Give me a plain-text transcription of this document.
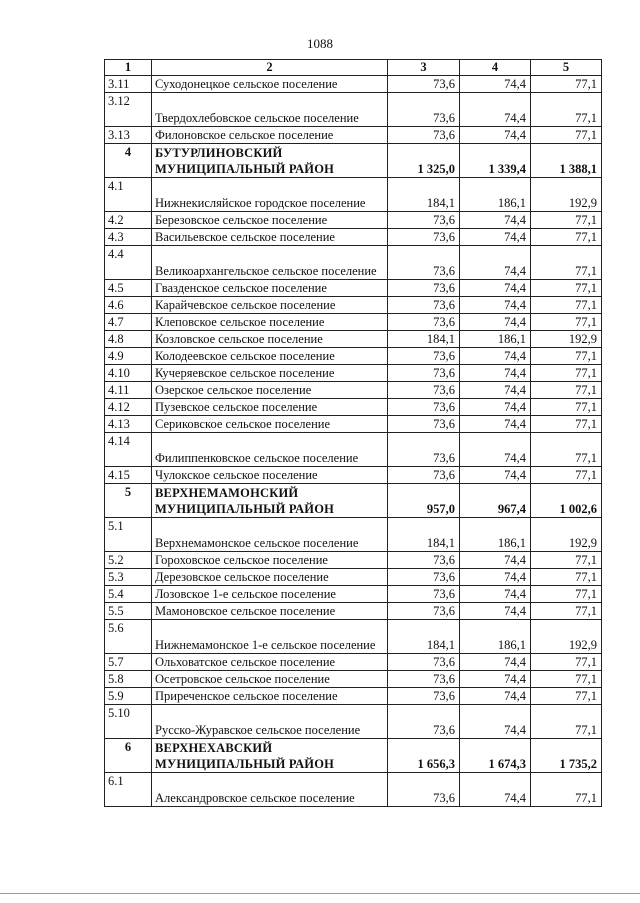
1088
1	2	3	4	5
3.11	Суходонецкое сельское поселение	73,6	74,4	77,1
3.12	Твердохлебовское сельское поселение	73,6	74,4	77,1
3.13	Филоновское сельское поселение	73,6	74,4	77,1
4	БУТУРЛИНОВСКИЙ МУНИЦИПАЛЬНЫЙ РАЙОН	1 325,0	1 339,4	1 388,1
4.1	Нижнекисляйское городское поселение	184,1	186,1	192,9
4.2	Березовское сельское поселение	73,6	74,4	77,1
4.3	Васильевское сельское поселение	73,6	74,4	77,1
4.4	Великоархангельское сельское поселение	73,6	74,4	77,1
4.5	Гвазденское сельское поселение	73,6	74,4	77,1
4.6	Карайчевское сельское поселение	73,6	74,4	77,1
4.7	Клеповское сельское поселение	73,6	74,4	77,1
4.8	Козловское сельское поселение	184,1	186,1	192,9
4.9	Колодеевское сельское поселение	73,6	74,4	77,1
4.10	Кучеряевское сельское поселение	73,6	74,4	77,1
4.11	Озерское сельское поселение	73,6	74,4	77,1
4.12	Пузевское сельское поселение	73,6	74,4	77,1
4.13	Сериковское сельское поселение	73,6	74,4	77,1
4.14	Филиппенковское сельское поселение	73,6	74,4	77,1
4.15	Чулокское сельское поселение	73,6	74,4	77,1
5	ВЕРХНЕМАМОНСКИЙ МУНИЦИПАЛЬНЫЙ РАЙОН	957,0	967,4	1 002,6
5.1	Верхнемамонское сельское поселение	184,1	186,1	192,9
5.2	Гороховское сельское поселение	73,6	74,4	77,1
5.3	Дерезовское сельское поселение	73,6	74,4	77,1
5.4	Лозовское 1-е сельское поселение	73,6	74,4	77,1
5.5	Мамоновское сельское поселение	73,6	74,4	77,1
5.6	Нижнемамонское 1-е сельское поселение	184,1	186,1	192,9
5.7	Ольховатское сельское поселение	73,6	74,4	77,1
5.8	Осетровское сельское поселение	73,6	74,4	77,1
5.9	Приреченское сельское поселение	73,6	74,4	77,1
5.10	Русско-Журавское сельское поселение	73,6	74,4	77,1
6	ВЕРХНЕХАВСКИЙ МУНИЦИПАЛЬНЫЙ РАЙОН	1 656,3	1 674,3	1 735,2
6.1	Александровское сельское поселение	73,6	74,4	77,1
